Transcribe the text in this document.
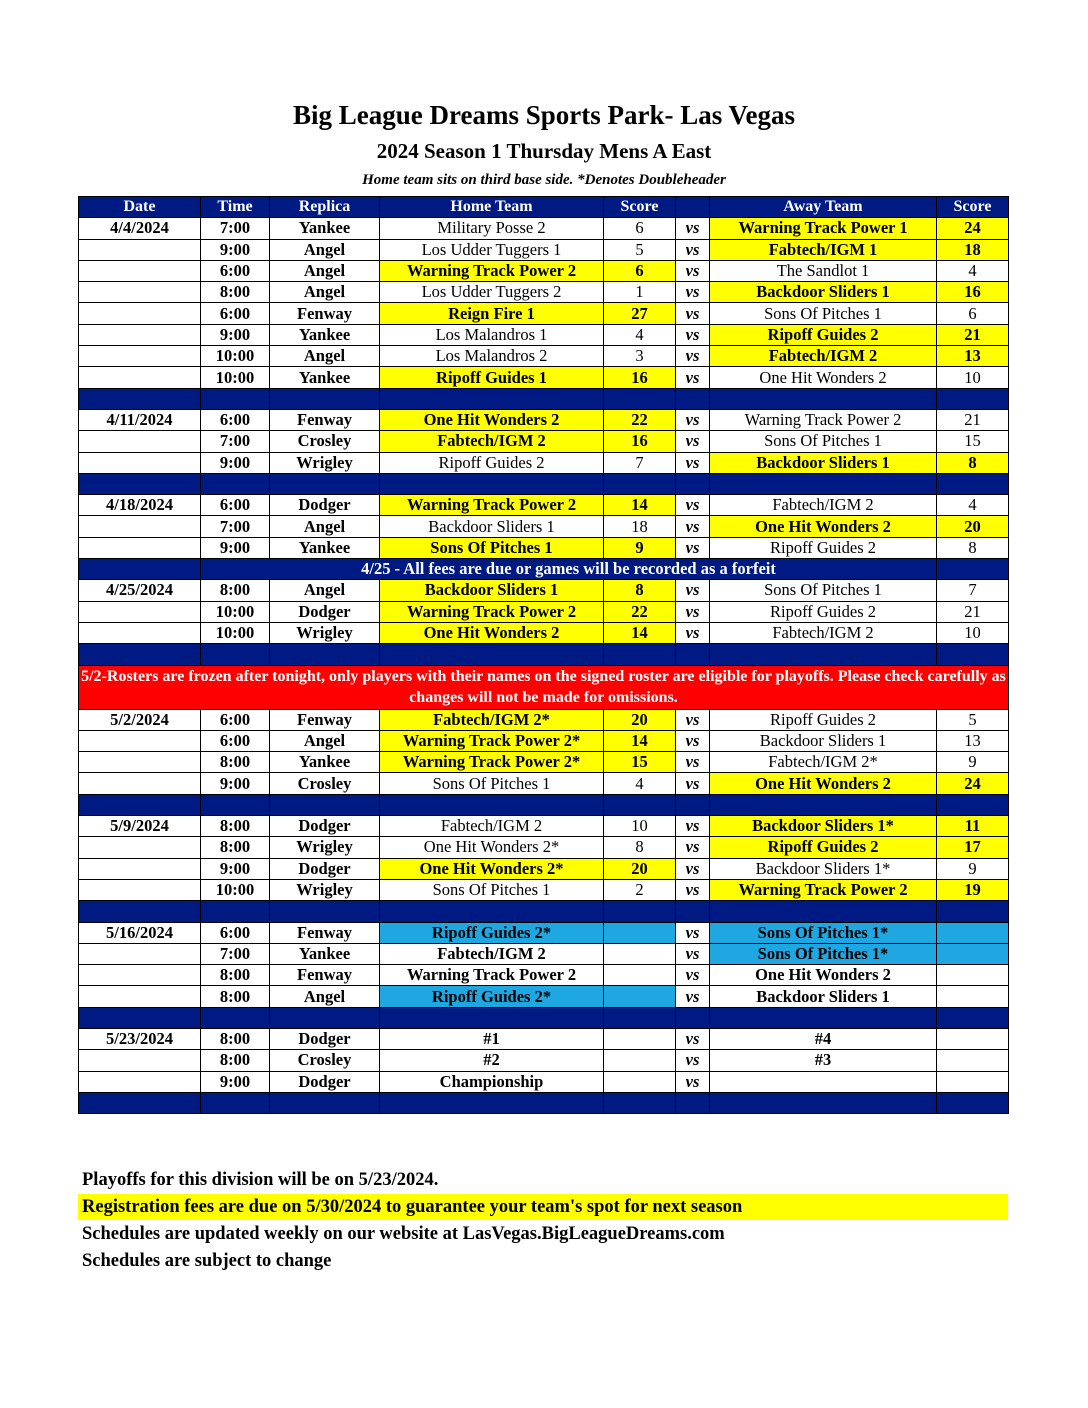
Big League Dreams Sports Park- Las Vegas
2024 Season 1 Thursday Mens A East
Home team sits on third base side. *Denotes Doubleheader
Date	Time	Replica	Home Team	Score		Away Team	Score
4/4/2024	7:00	Yankee	Military Posse 2	6	vs	Warning Track Power 1	24
	9:00	Angel	Los Udder Tuggers 1	5	vs	Fabtech/IGM 1	18
	6:00	Angel	Warning Track Power 2	6	vs	The Sandlot 1	4
	8:00	Angel	Los Udder Tuggers 2	1	vs	Backdoor Sliders 1	16
	6:00	Fenway	Reign Fire 1	27	vs	Sons Of Pitches 1	6
	9:00	Yankee	Los Malandros 1	4	vs	Ripoff Guides 2	21
	10:00	Angel	Los Malandros 2	3	vs	Fabtech/IGM 2	13
	10:00	Yankee	Ripoff Guides 1	16	vs	One Hit Wonders 2	10

4/11/2024	6:00	Fenway	One Hit Wonders 2	22	vs	Warning Track Power 2	21
	7:00	Crosley	Fabtech/IGM 2	16	vs	Sons Of Pitches 1	15
	9:00	Wrigley	Ripoff Guides 2	7	vs	Backdoor Sliders 1	8

4/18/2024	6:00	Dodger	Warning Track Power 2	14	vs	Fabtech/IGM 2	4
	7:00	Angel	Backdoor Sliders 1	18	vs	One Hit Wonders 2	20
	9:00	Yankee	Sons Of Pitches 1	9	vs	Ripoff Guides 2	8
	4/25 - All fees are due or games will be recorded as a forfeit						
4/25/2024	8:00	Angel	Backdoor Sliders 1	8	vs	Sons Of Pitches 1	7
	10:00	Dodger	Warning Track Power 2	22	vs	Ripoff Guides 2	21
	10:00	Wrigley	One Hit Wonders 2	14	vs	Fabtech/IGM 2	10

5/2-Rosters are frozen after tonight, only players with their names on the signed roster are eligible for playoffs. Please check carefully as changes will not be made for omissions.							
5/2/2024	6:00	Fenway	Fabtech/IGM 2*	20	vs	Ripoff Guides 2	5
	6:00	Angel	Warning Track Power 2*	14	vs	Backdoor Sliders 1	13
	8:00	Yankee	Warning Track Power 2*	15	vs	Fabtech/IGM 2*	9
	9:00	Crosley	Sons Of Pitches 1	4	vs	One Hit Wonders 2	24

5/9/2024	8:00	Dodger	Fabtech/IGM 2	10	vs	Backdoor Sliders 1*	11
	8:00	Wrigley	One Hit Wonders 2*	8	vs	Ripoff Guides 2	17
	9:00	Dodger	One Hit Wonders 2*	20	vs	Backdoor Sliders 1*	9
	10:00	Wrigley	Sons Of Pitches 1	2	vs	Warning Track Power 2	19

5/16/2024	6:00	Fenway	Ripoff Guides 2*		vs	Sons Of Pitches 1*	
	7:00	Yankee	Fabtech/IGM 2		vs	Sons Of Pitches 1*	
	8:00	Fenway	Warning Track Power 2		vs	One Hit Wonders 2	
	8:00	Angel	Ripoff Guides 2*		vs	Backdoor Sliders 1	

5/23/2024	8:00	Dodger	#1		vs	#4	
	8:00	Crosley	#2		vs	#3	
	9:00	Dodger	Championship		vs		

Playoffs for this division will be on 5/23/2024.
Registration fees are due on 5/30/2024 to guarantee your team's spot for next season
Schedules are updated weekly on our website at LasVegas.BigLeagueDreams.com
Schedules are subject to change
